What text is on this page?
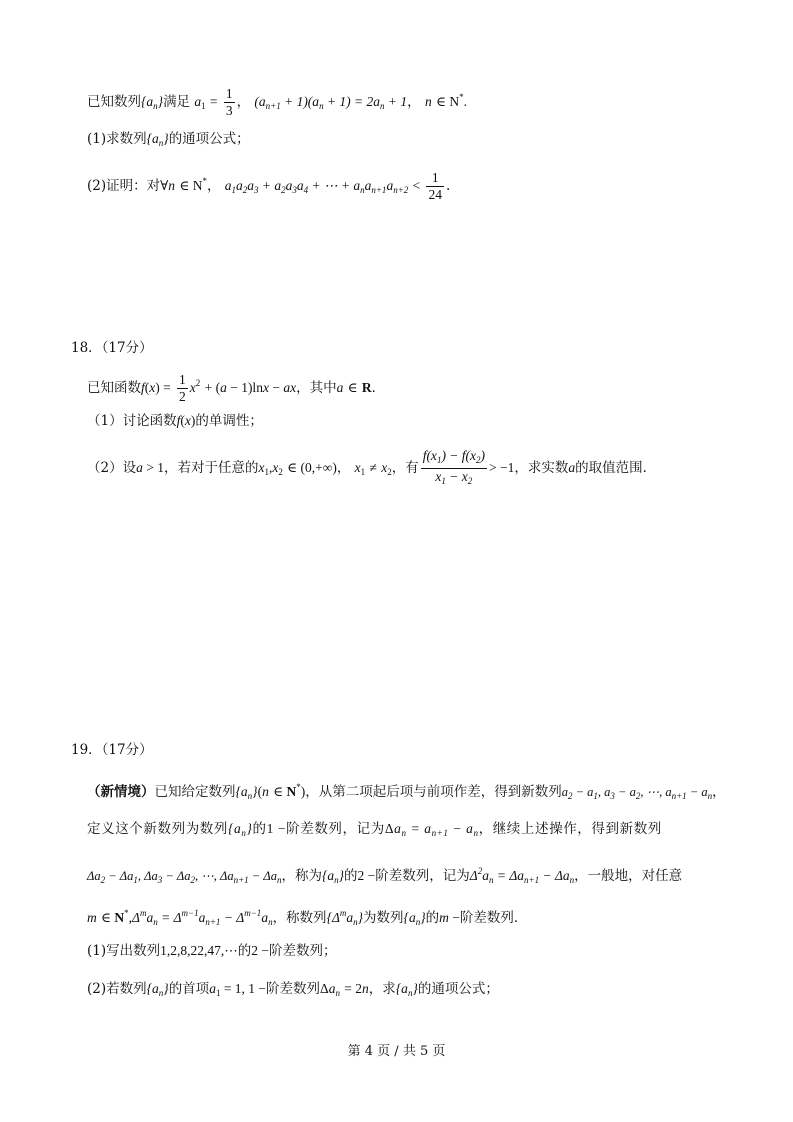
已知数列$\{a_n\}$满足 $a_1 = \frac{1}{3}$ ， $(a_{n+1} + 1)(a_n + 1) = 2a_n + 1$， n ∈ N*.
(1)求数列$\{a_n\}$的通项公式；
(2)证明：对∀n ∈ N*， $a_1a_2a_3 + a_2a_3a_4$ + ⋯ + $a_na_{n+1}a_{n+2} < \frac{1}{24}$ .
18．（17分）
已知函数$f(x) = \frac{1}{2} x^2 + (a - 1)\ln x$ − ax，其中a ∈ R．
（1）讨论函数f(x)的单调性；
（2）设a > 1，若对于任意的$x_1,x_2$ ∈ (0,+∞)， $x_1 \ne x_2$，有 $\frac{f(x_1) - f(x_2)}{x_1 - x_2} > -1$，求实数a的取值范围．
19．（17分）
（新情境）已知给定数列$\{a_n\}(n$ ∈ N*)，从第二项起后项与前项作差，得到新数列$a_2 - a_1$, $a_3 - a_2$, ⋯, $a_{n+1} - a_n$，
定义这个新数列为数列$\{a_n\}$的1 −阶差数列，记为$\Delta a_n = a_{n+1} - a_n$，继续上述操作，得到新数列
$\Delta a_2 - \Delta a_1$, $\Delta a_3 - \Delta a_2$, ⋯, $\Delta a_{n+1} - \Delta a_n$，称为$\{a_n\}$的2 −阶差数列，记为$\Delta^2a_n = \Delta a_{n+1} - \Delta a_n$，一般地，对任意
m ∈ $N^*,\Delta^ma_n = \Delta^{m-1}a_{n+1} - \Delta^{m-1}a_n$，称数列$\{\Delta^ma_n\}$为数列$\{a_n\}$的m −阶差数列．
(1)写出数列1,2,8,22,47,⋯的2 −阶差数列；
(2)若数列$\{a_n\}$的首项$a_1 = 1$, 1 −阶差数列$\Delta a_n = 2n$，求$\{a_n\}$的通项公式；
第 4 页 / 共 5 页
